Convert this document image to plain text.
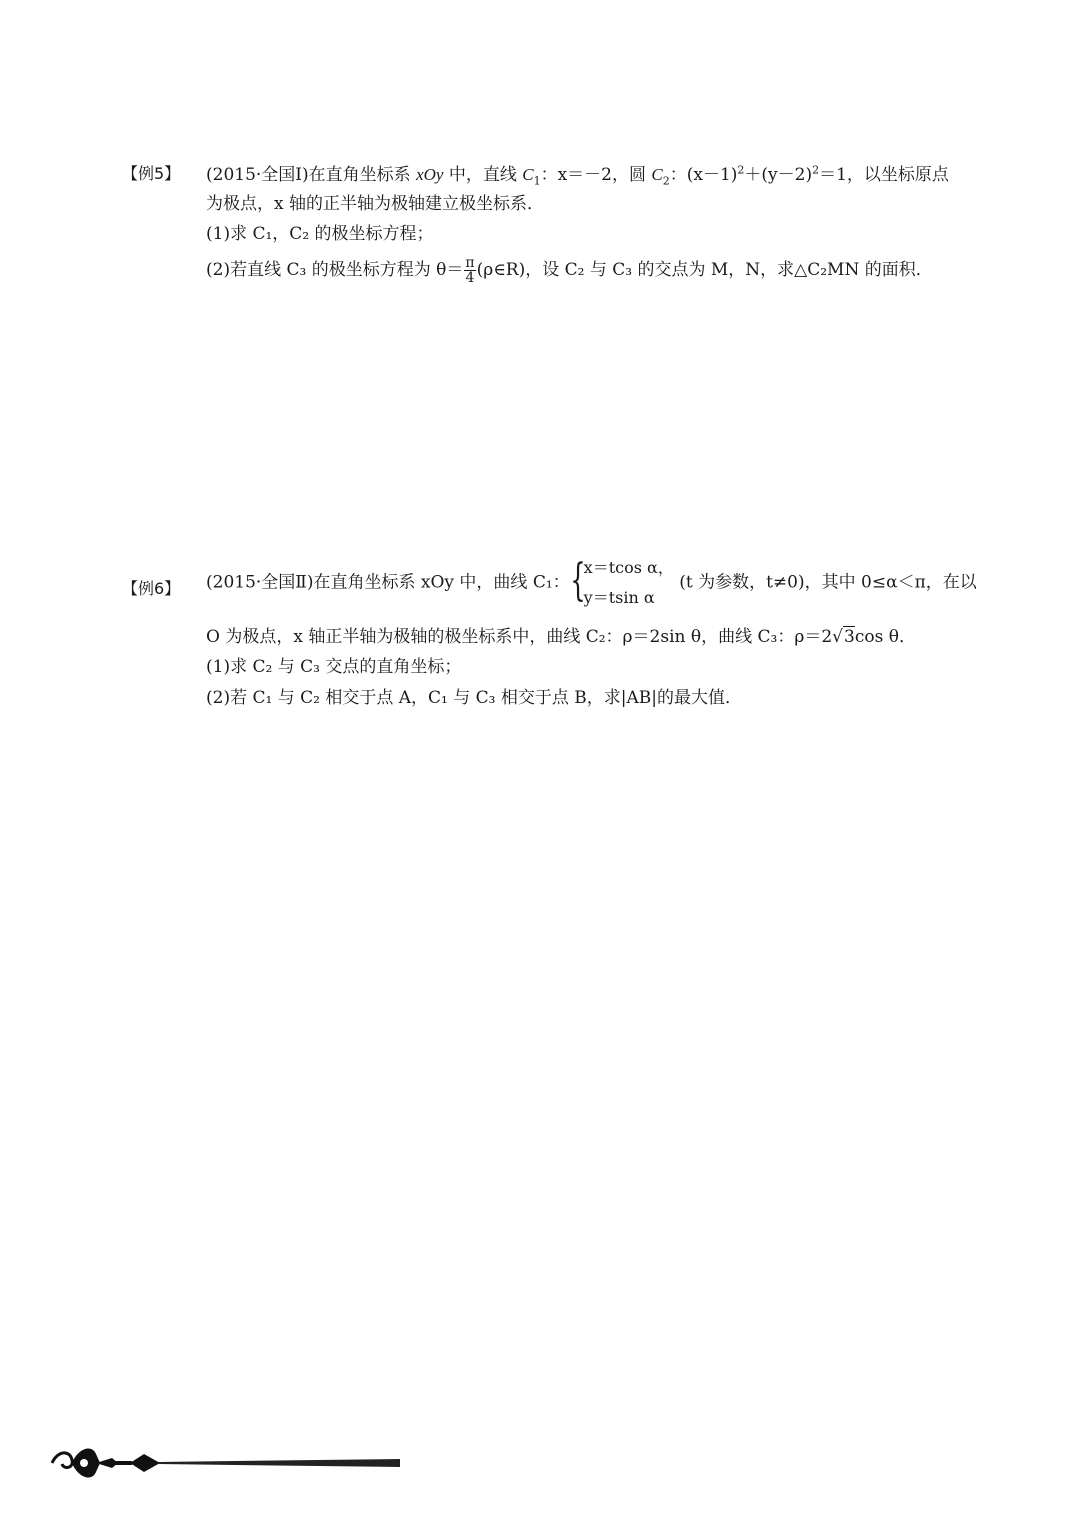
【例5】 (2015·全国Ⅰ)在直角坐标系 xOy 中，直线 $C_1$：x＝－2，圆 $C_2$：$(x-1)^2+(y-2)^2=1$，以坐标原点
为极点，x 轴的正半轴为极轴建立极坐标系．
(1)求 C₁，C₂ 的极坐标方程；
(2)若直线 C₃ 的极坐标方程为 $\theta= \frac{\pi}{4}$ (ρ∈R)，设 C₂ 与 C₃ 的交点为 M，N，求△C₂MN 的面积．
【例6】 (2015·全国Ⅱ)在直角坐标系 xOy 中，曲线 C₁：{
x＝tcos α，
y＝tsin α
(t 为参数，t≠0)，其中 0≤α＜π，在以
O 为极点，x 轴正半轴为极轴的极坐标系中，曲线 C₂：ρ＝2sin θ，曲线 C₃：ρ＝2√3cos θ．
(1)求 C₂ 与 C₃ 交点的直角坐标；
(2)若 C₁ 与 C₂ 相交于点 A，C₁ 与 C₃ 相交于点 B，求|AB|的最大值．
